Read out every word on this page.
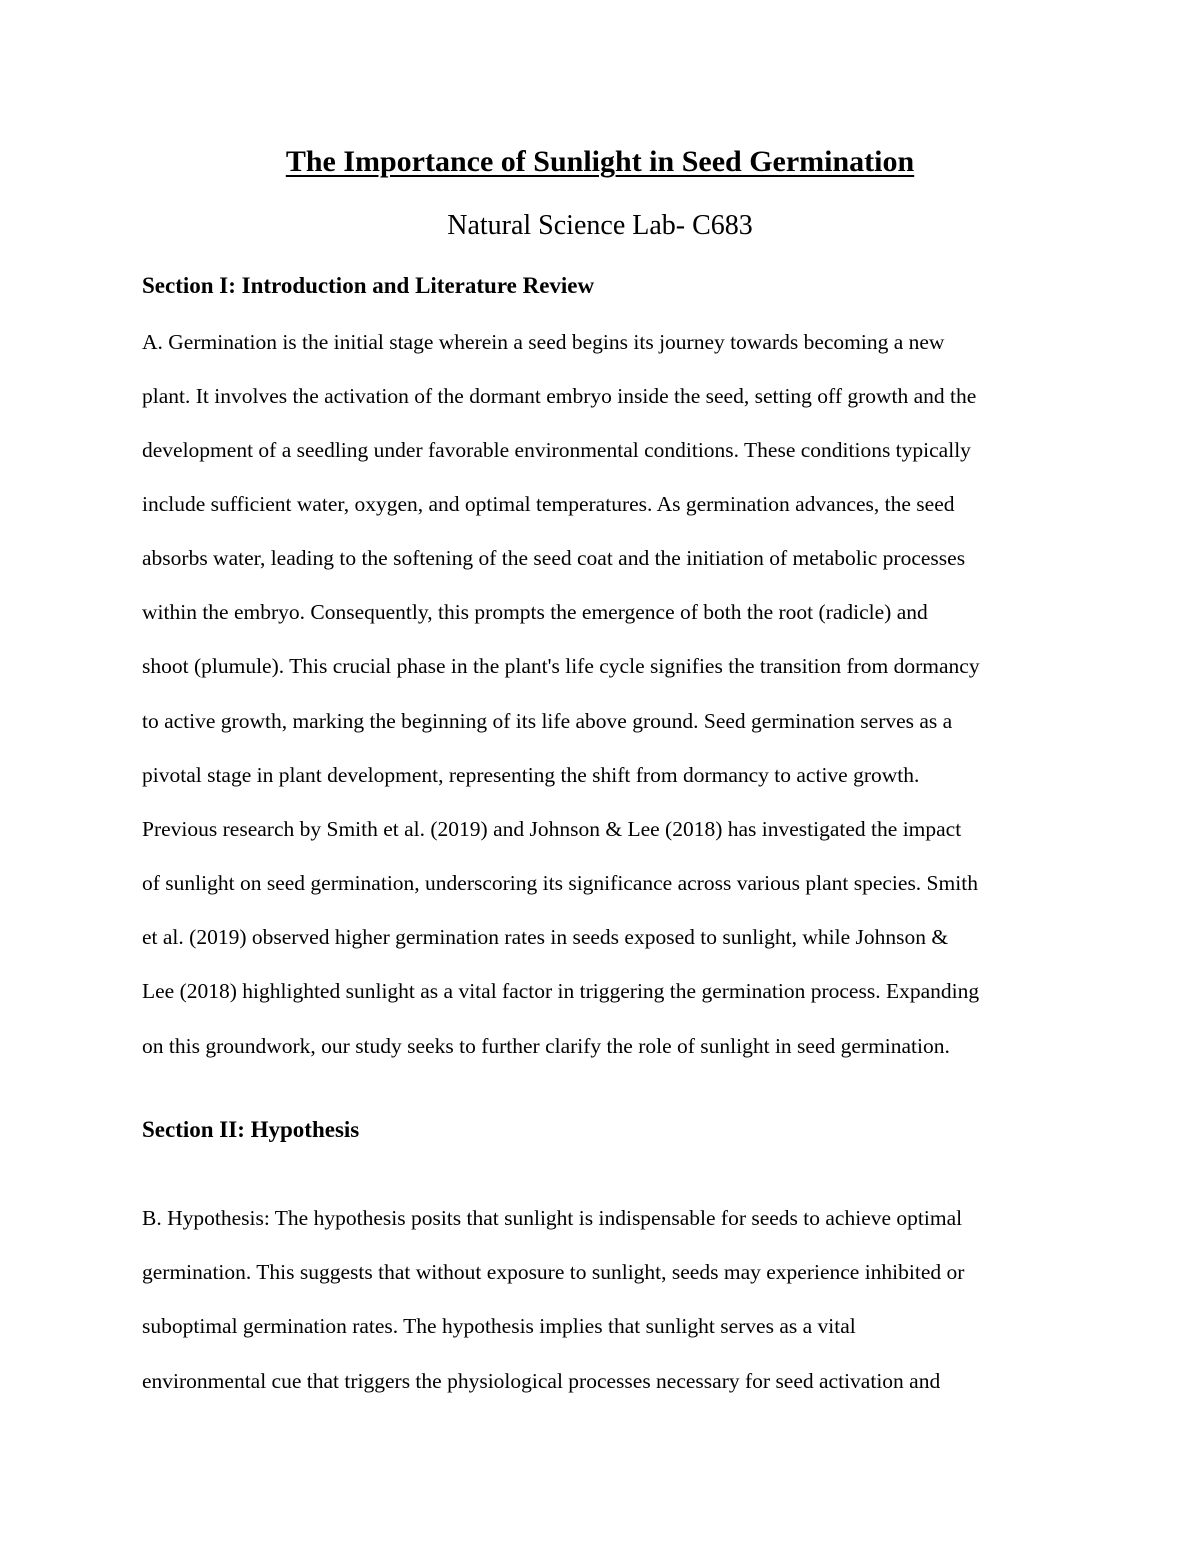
The Importance of Sunlight in Seed Germination
Natural Science Lab- C683
Section I: Introduction and Literature Review
A. Germination is the initial stage wherein a seed begins its journey towards becoming a new
plant. It involves the activation of the dormant embryo inside the seed, setting off growth and the
development of a seedling under favorable environmental conditions. These conditions typically
include sufficient water, oxygen, and optimal temperatures. As germination advances, the seed
absorbs water, leading to the softening of the seed coat and the initiation of metabolic processes
within the embryo. Consequently, this prompts the emergence of both the root (radicle) and
shoot (plumule). This crucial phase in the plant's life cycle signifies the transition from dormancy
to active growth, marking the beginning of its life above ground. Seed germination serves as a
pivotal stage in plant development, representing the shift from dormancy to active growth.
Previous research by Smith et al. (2019) and Johnson & Lee (2018) has investigated the impact
of sunlight on seed germination, underscoring its significance across various plant species. Smith
et al. (2019) observed higher germination rates in seeds exposed to sunlight, while Johnson &
Lee (2018) highlighted sunlight as a vital factor in triggering the germination process. Expanding
on this groundwork, our study seeks to further clarify the role of sunlight in seed germination.
Section II: Hypothesis
B. Hypothesis: The hypothesis posits that sunlight is indispensable for seeds to achieve optimal
germination. This suggests that without exposure to sunlight, seeds may experience inhibited or
suboptimal germination rates. The hypothesis implies that sunlight serves as a vital
environmental cue that triggers the physiological processes necessary for seed activation and
